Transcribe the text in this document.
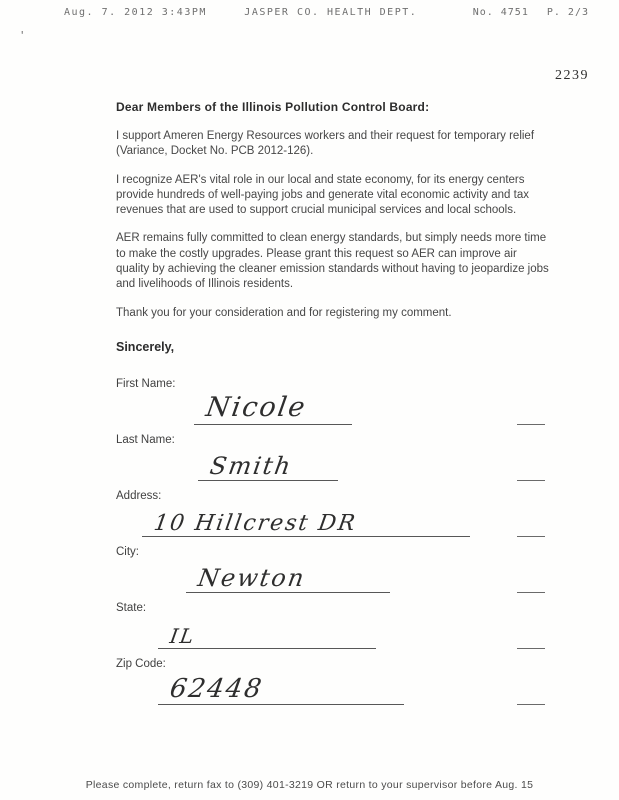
Aug. 7. 2012 3:43PM	JASPER CO. HEALTH DEPT.	No. 4751 P. 2/3
'
2239

Dear Members of the Illinois Pollution Control Board:

I support Ameren Energy Resources workers and their request for temporary relief (Variance, Docket No. PCB 2012-126).

I recognize AER's vital role in our local and state economy, for its energy centers provide hundreds of well-paying jobs and generate vital economic activity and tax revenues that are used to support crucial municipal services and local schools.

AER remains fully committed to clean energy standards, but simply needs more time to make the costly upgrades. Please grant this request so AER can improve air quality by achieving the cleaner emission standards without having to jeopardize jobs and livelihoods of Illinois residents.

Thank you for your consideration and for registering my comment.

Sincerely,

First Name:
Nicole
Last Name:
Smith
Address:
10 Hillcrest DR
City:
Newton
State:
IL
Zip Code:
62448
Please complete, return fax to (309) 401-3219 OR return to your supervisor before Aug. 15
